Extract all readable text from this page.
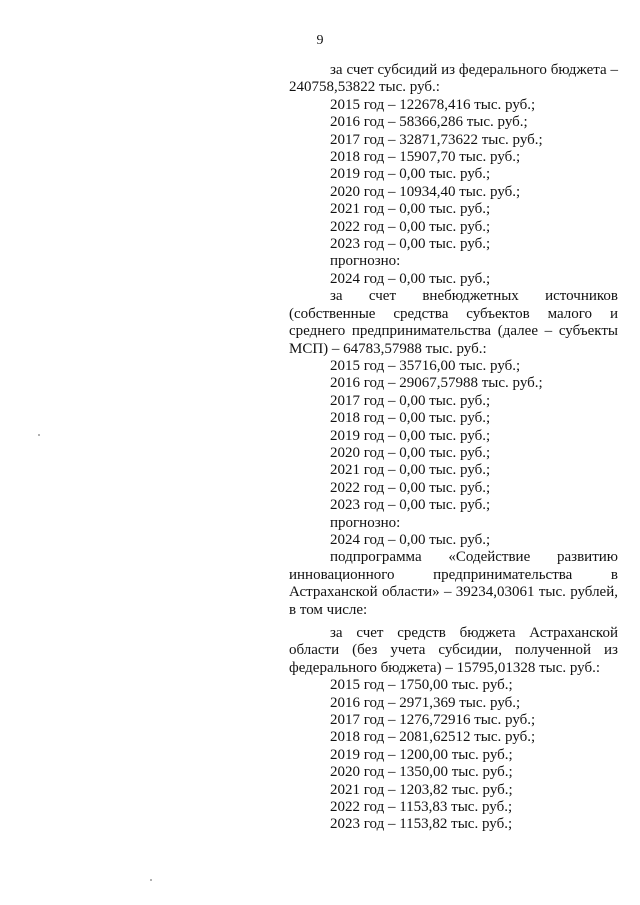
9
за счет субсидий из федерального бюджета – 240758,53822 тыс. руб.:
2015 год – 122678,416 тыс. руб.;
2016 год – 58366,286 тыс. руб.;
2017 год – 32871,73622 тыс. руб.;
2018 год – 15907,70 тыс. руб.;
2019 год – 0,00 тыс. руб.;
2020 год – 10934,40 тыс. руб.;
2021 год – 0,00 тыс. руб.;
2022 год – 0,00 тыс. руб.;
2023 год – 0,00 тыс. руб.;
прогнозно:
2024 год – 0,00 тыс. руб.;
за счет внебюджетных источников (собственные средства субъектов малого и среднего предпринимательства (далее – субъекты МСП) – 64783,57988 тыс. руб.:
2015 год – 35716,00 тыс. руб.;
2016 год – 29067,57988 тыс. руб.;
2017 год – 0,00 тыс. руб.;
2018 год – 0,00 тыс. руб.;
2019 год – 0,00 тыс. руб.;
2020 год – 0,00 тыс. руб.;
2021 год – 0,00 тыс. руб.;
2022 год – 0,00 тыс. руб.;
2023 год – 0,00 тыс. руб.;
прогнозно:
2024 год – 0,00 тыс. руб.;
подпрограмма «Содействие развитию инновационного предпринимательства в Астраханской области» – 39234,03061 тыс. рублей, в том числе:
за счет средств бюджета Астраханской области (без учета субсидии, полученной из федерального бюджета) – 15795,01328 тыс. руб.:
2015 год – 1750,00 тыс. руб.;
2016 год – 2971,369 тыс. руб.;
2017 год – 1276,72916 тыс. руб.;
2018 год – 2081,62512 тыс. руб.;
2019 год – 1200,00 тыс. руб.;
2020 год – 1350,00 тыс. руб.;
2021 год – 1203,82 тыс. руб.;
2022 год – 1153,83 тыс. руб.;
2023 год – 1153,82 тыс. руб.;
